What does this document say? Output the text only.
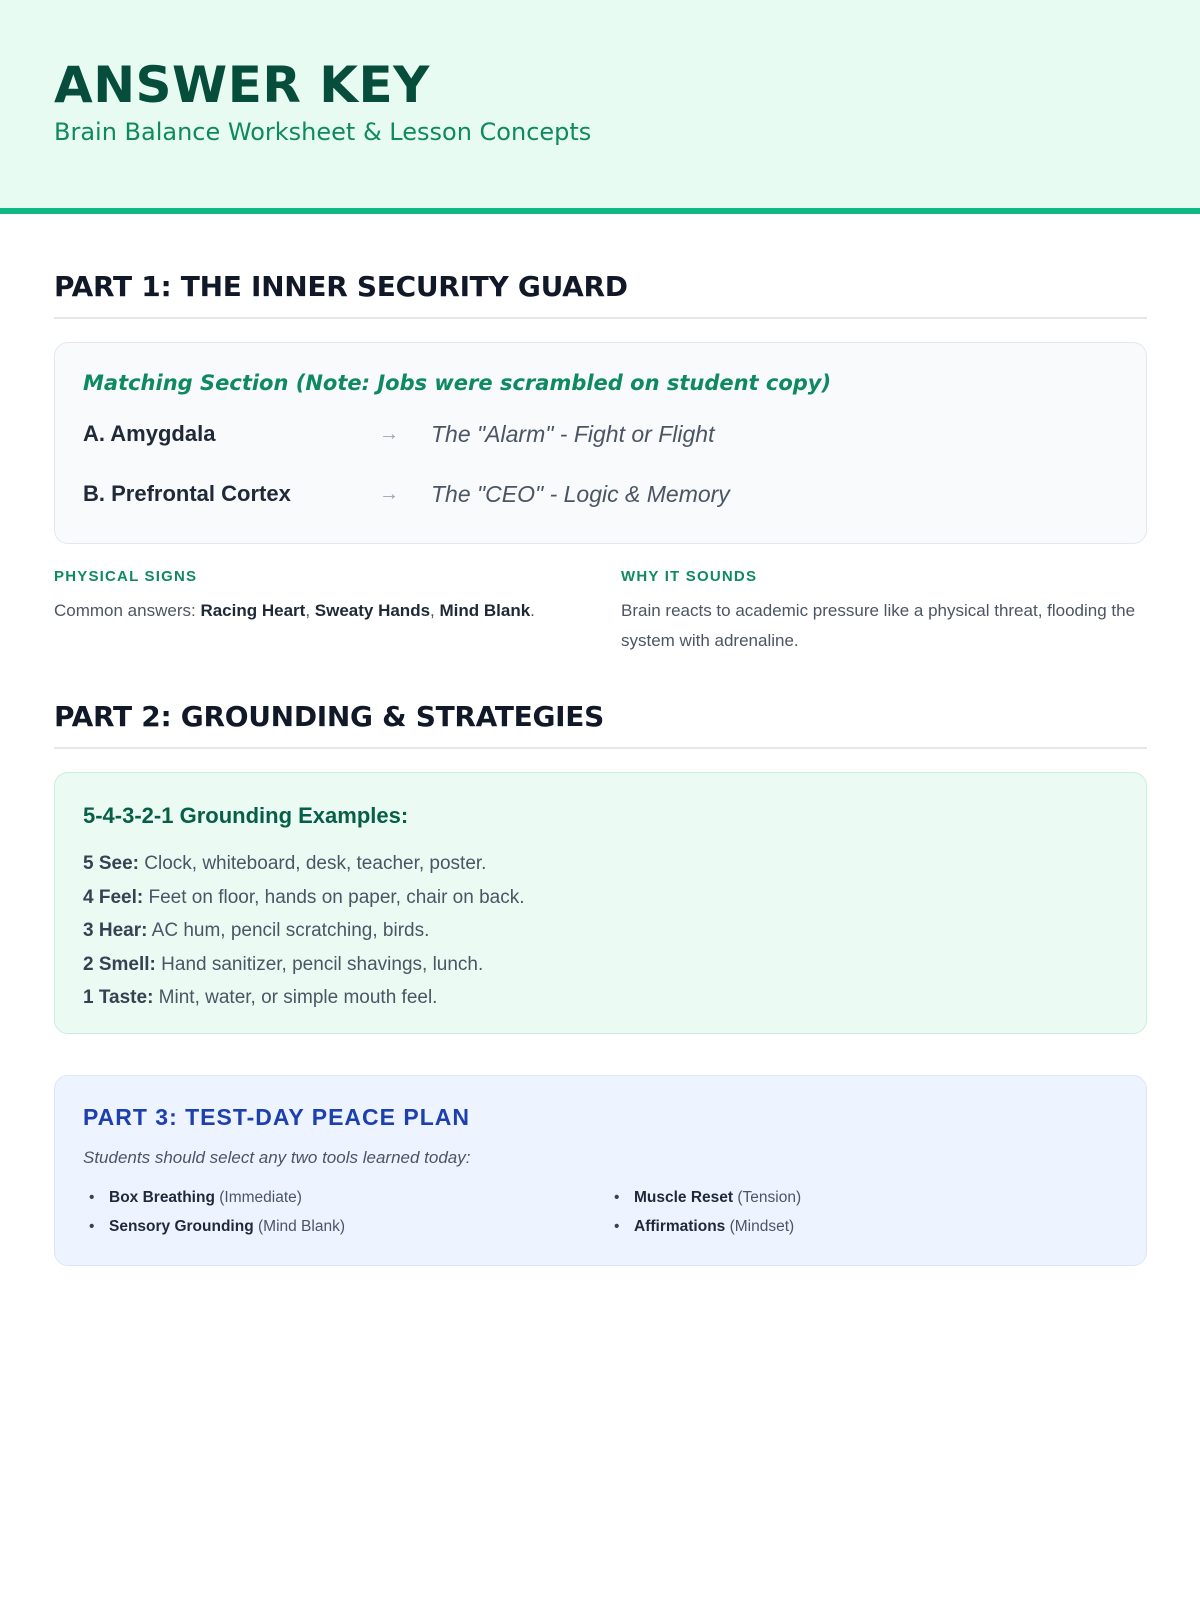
ANSWER KEY
Brain Balance Worksheet & Lesson Concepts
PART 1: THE INNER SECURITY GUARD
Matching Section (Note: Jobs were scrambled on student copy)
A. Amygdala	→ The "Alarm" - Fight or Flight
B. Prefrontal Cortex	→ The "CEO" - Logic & Memory
PHYSICAL SIGNS
Common answers: Racing Heart, Sweaty Hands, Mind Blank.
WHY IT SOUNDS
Brain reacts to academic pressure like a physical threat, flooding the system with adrenaline.
PART 2: GROUNDING & STRATEGIES
5-4-3-2-1 Grounding Examples:
5 See: Clock, whiteboard, desk, teacher, poster.
4 Feel: Feet on floor, hands on paper, chair on back.
3 Hear: AC hum, pencil scratching, birds.
2 Smell: Hand sanitizer, pencil shavings, lunch.
1 Taste: Mint, water, or simple mouth feel.
PART 3: TEST-DAY PEACE PLAN
Students should select any two tools learned today:
• Box Breathing (Immediate)
• Sensory Grounding (Mind Blank)
• Muscle Reset (Tension)
• Affirmations (Mindset)
